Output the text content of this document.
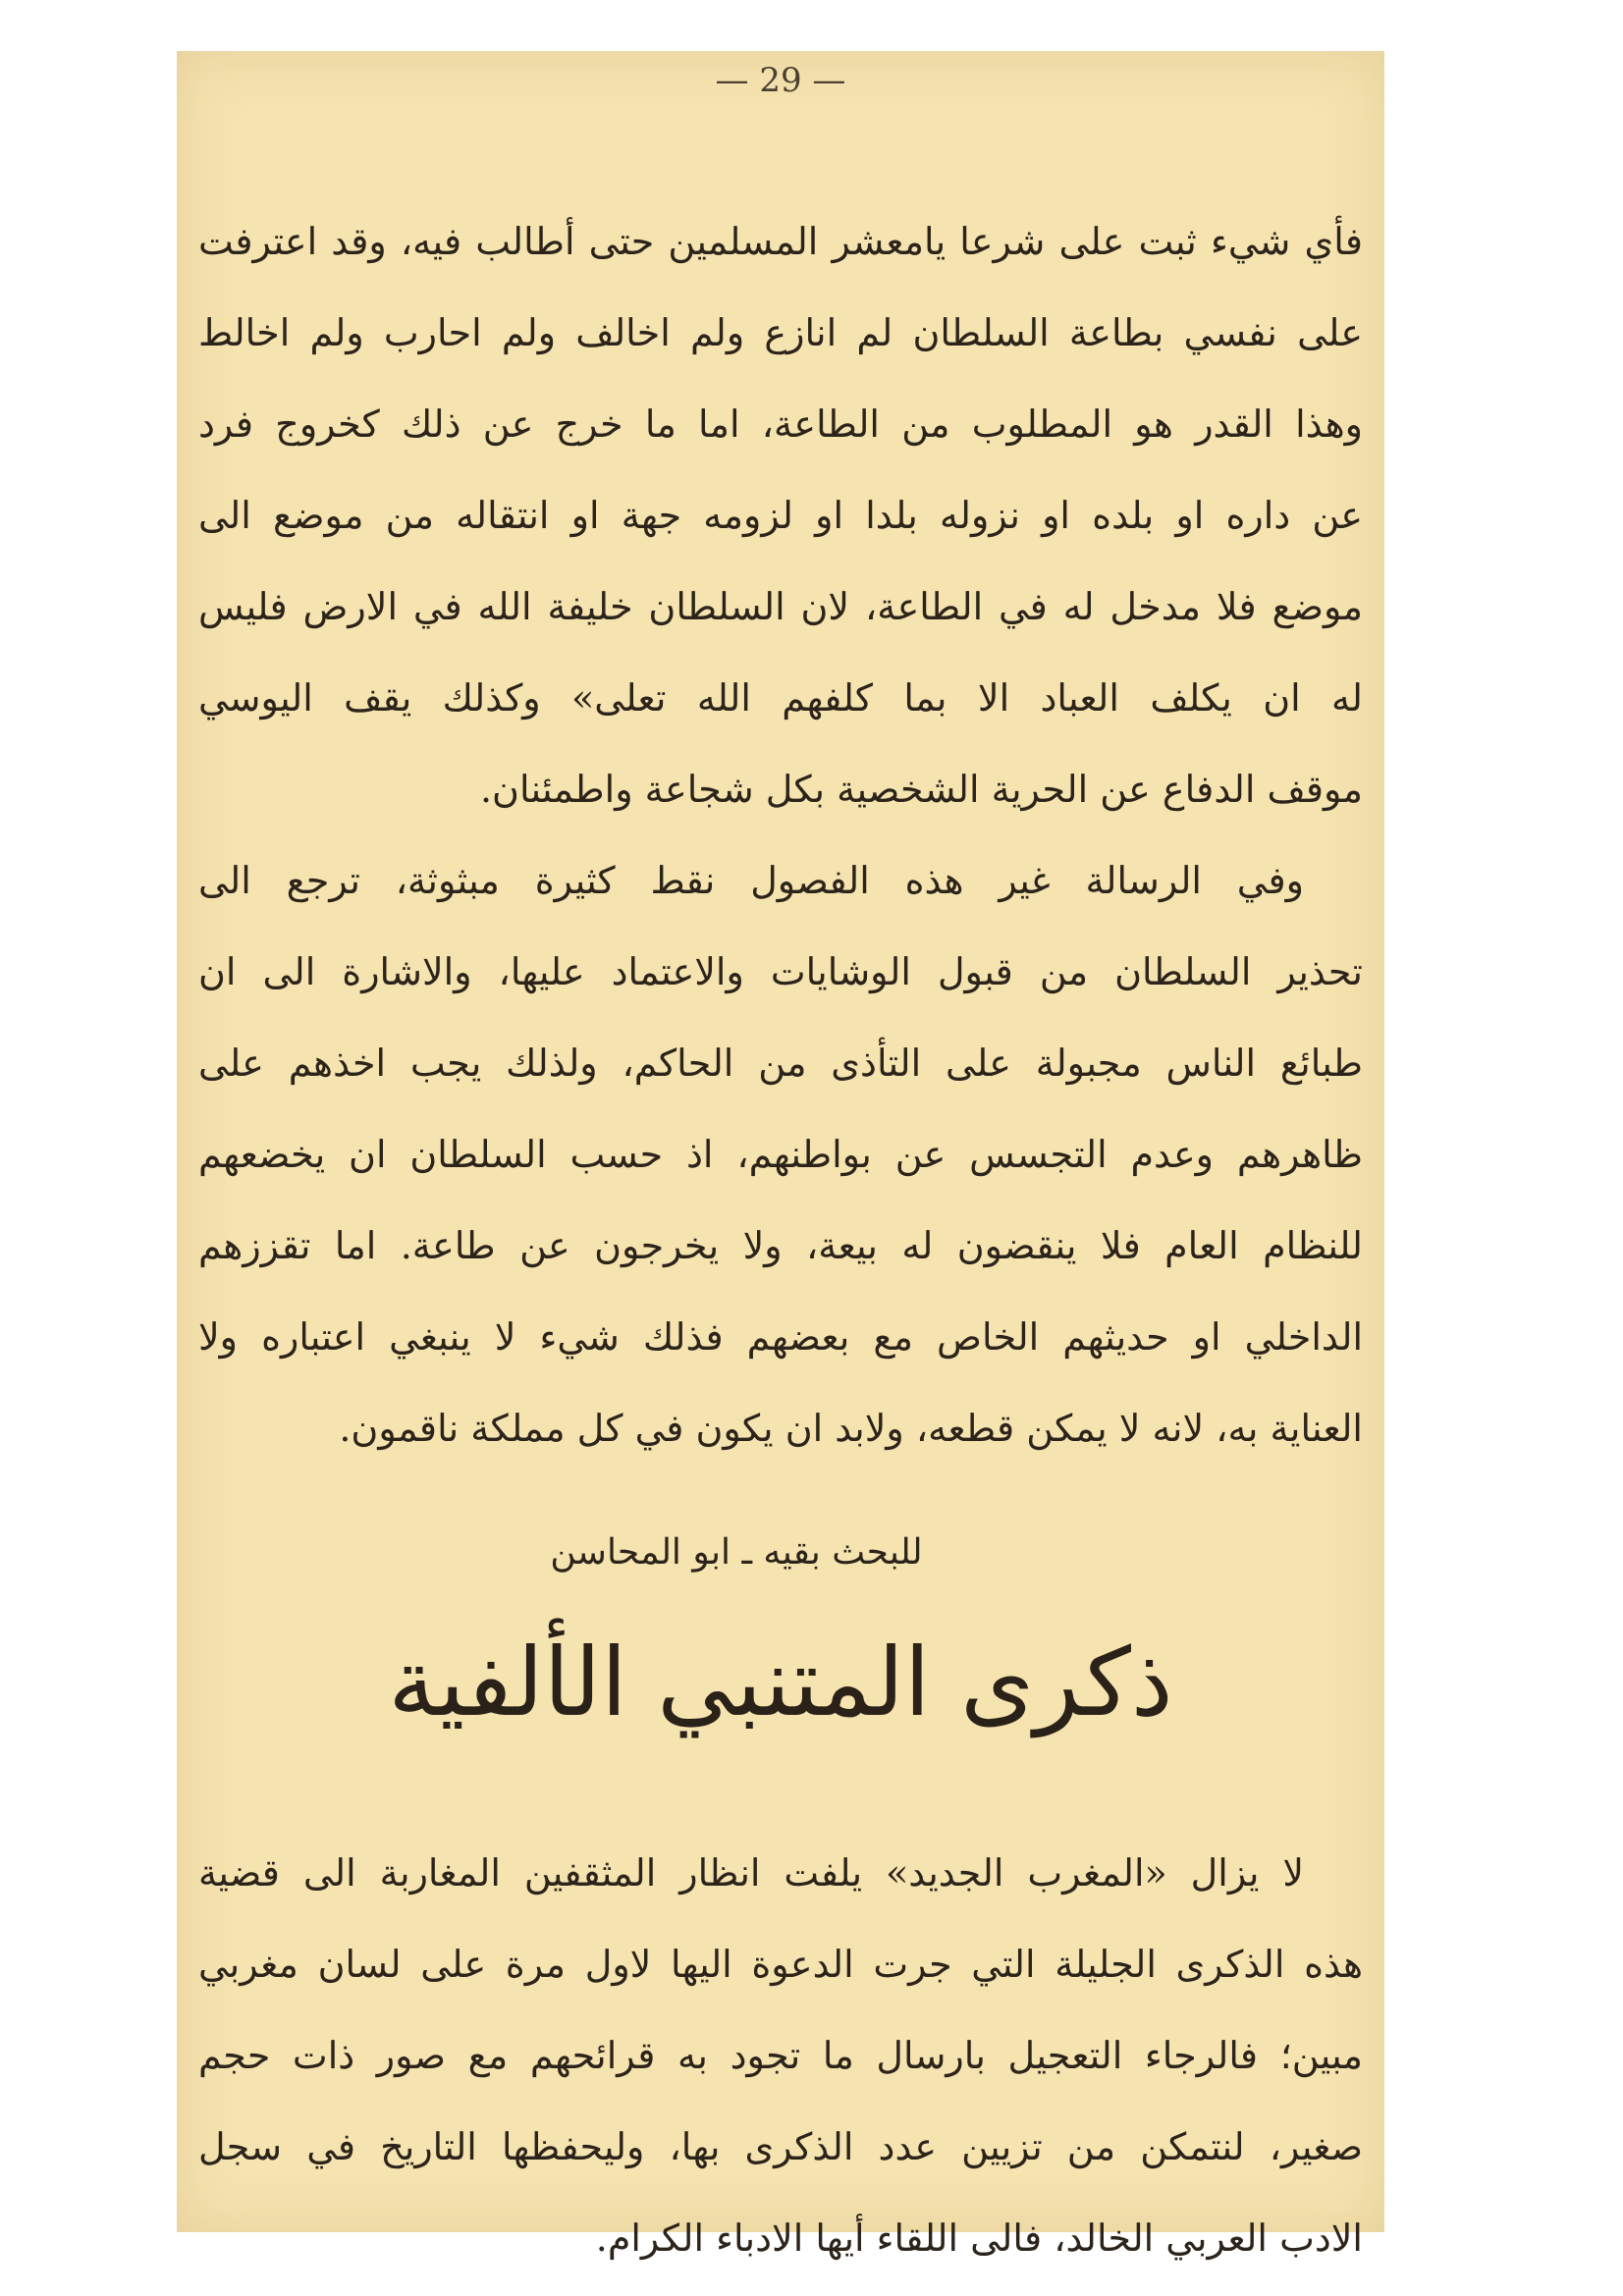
— 29 —
فأي شيء ثبت على شرعا يامعشر المسلمين حتى أطالب فيه، وقد اعترفت
على نفسي بطاعة السلطان لم انازع ولم اخالف ولم احارب ولم اخالط
وهذا القدر هو المطلوب من الطاعة، اما ما خرج عن ذلك كخروج فرد
عن داره او بلده او نزوله بلدا او لزومه جهة او انتقاله من موضع الى
موضع فلا مدخل له في الطاعة، لان السلطان خليفة الله في الارض فليس
له ان يكلف العباد الا بما كلفهم الله تعلى» وكذلك يقف اليوسي
موقف الدفاع عن الحرية الشخصية بكل شجاعة واطمئنان.
وفي الرسالة غير هذه الفصول نقط كثيرة مبثوثة، ترجع الى
تحذير السلطان من قبول الوشايات والاعتماد عليها، والاشارة الى ان
طبائع الناس مجبولة على التأذى من الحاكم، ولذلك يجب اخذهم على
ظاهرهم وعدم التجسس عن بواطنهم، اذ حسب السلطان ان يخضعهم
للنظام العام فلا ينقضون له بيعة، ولا يخرجون عن طاعة. اما تقززهم
الداخلي او حديثهم الخاص مع بعضهم فذلك شيء لا ينبغي اعتباره ولا
العناية به، لانه لا يمكن قطعه، ولابد ان يكون في كل مملكة ناقمون.
للبحث بقيه ـ ابو المحاسن
ذكرى المتنبي الألفية
لا يزال «المغرب الجديد» يلفت انظار المثقفين المغاربة الى قضية
هذه الذكرى الجليلة التي جرت الدعوة اليها لاول مرة على لسان مغربي
مبين؛ فالرجاء التعجيل بارسال ما تجود به قرائحهم مع صور ذات حجم
صغير، لنتمكن من تزيين عدد الذكرى بها، وليحفظها التاريخ في سجل
الادب العربي الخالد، فالى اللقاء أيها الادباء الكرام.
